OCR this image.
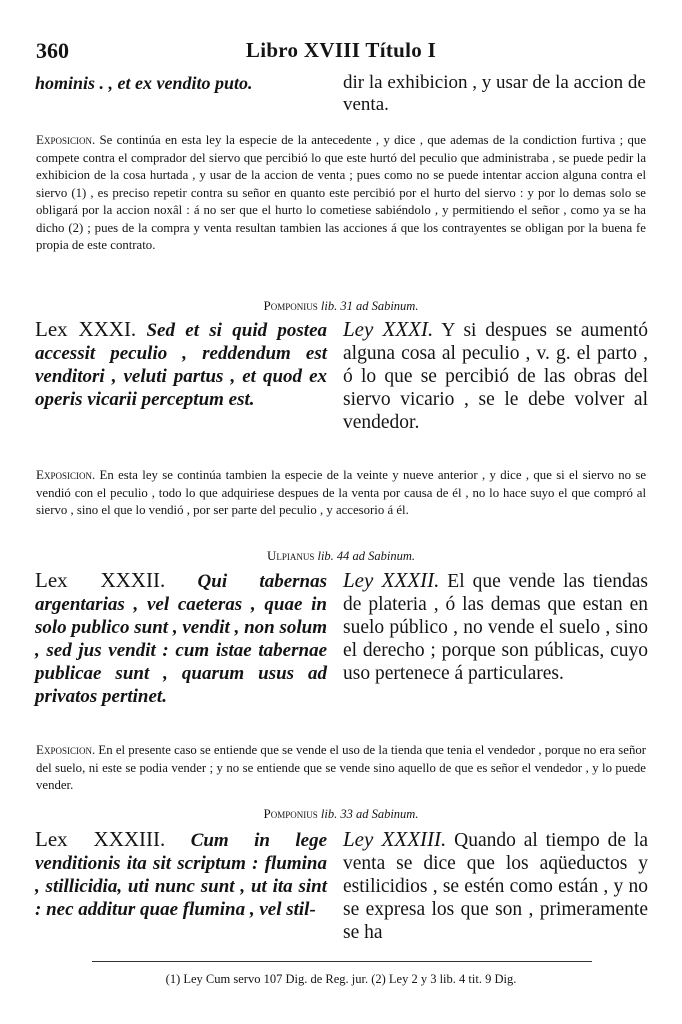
360	Libro XVIII Título I
hominis . , et ex vendito puto.	dir la exhibicion , y usar de la accion de venta.
Exposicion. Se continúa en esta ley la especie de la antecedente , y dice , que ademas de la condiction furtiva ; que compete contra el comprador del siervo que percibió lo que este hurtó del peculio que administraba , se puede pedir la exhibicion de la cosa hurtada , y usar de la accion de venta ; pues como no se puede intentar accion alguna contra el siervo (1) , es preciso repetir contra su señor en quanto este percibió por el hurto del siervo : y por lo demas solo se obligará por la accion noxâl : á no ser que el hurto lo cometiese sabiéndolo , y permitiendo el señor , como ya se ha dicho (2) ; pues de la compra y venta resultan tambien las acciones á que los contrayentes se obligan por la buena fe propia de este contrato.
Pomponius lib. 31 ad Sabinum.
Lex XXXI. Sed et si quid postea accessit peculio , reddendum est venditori , veluti partus , et quod ex operis vicarii perceptum est.
Ley XXXI. Y si despues se aumentó alguna cosa al peculio , v. g. el parto , ó lo que se percibió de las obras del siervo vicario , se le debe volver al vendedor.
Exposicion. En esta ley se continúa tambien la especie de la veinte y nueve anterior , y dice , que si el siervo no se vendió con el peculio , todo lo que adquiriese despues de la venta por causa de él , no lo hace suyo el que compró al siervo , sino el que lo vendió , por ser parte del peculio , y accesorio á él.
Ulpianus lib. 44 ad Sabinum.
Lex XXXII. Qui tabernas argentarias , vel caeteras , quae in solo publico sunt , vendit , non solum , sed jus vendit : cum istae tabernae publicae sunt , quarum usus ad privatos pertinet.
Ley XXXII. El que vende las tiendas de plateria , ó las demas que estan en suelo público , no vende el suelo , sino el derecho ; porque son públicas, cuyo uso pertenece á particulares.
Exposicion. En el presente caso se entiende que se vende el uso de la tienda que tenia el vendedor , porque no era señor del suelo, ni este se podia vender ; y no se entiende que se vende sino aquello de que es señor el vendedor , y lo puede vender.
Pomponius lib. 33 ad Sabinum.
Lex XXXIII. Cum in lege venditionis ita sit scriptum : flumina , stillicidia, uti nunc sunt , ut ita sint : nec additur quae flumina , vel stil-
Ley XXXIII. Quando al tiempo de la venta se dice que los aqüeductos y estilicidios , se estén como están , y no se expresa los que son , primeramente se ha
(1) Ley Cum servo 107 Dig. de Reg. jur. (2) Ley 2 y 3 lib. 4 tit. 9 Dig.
